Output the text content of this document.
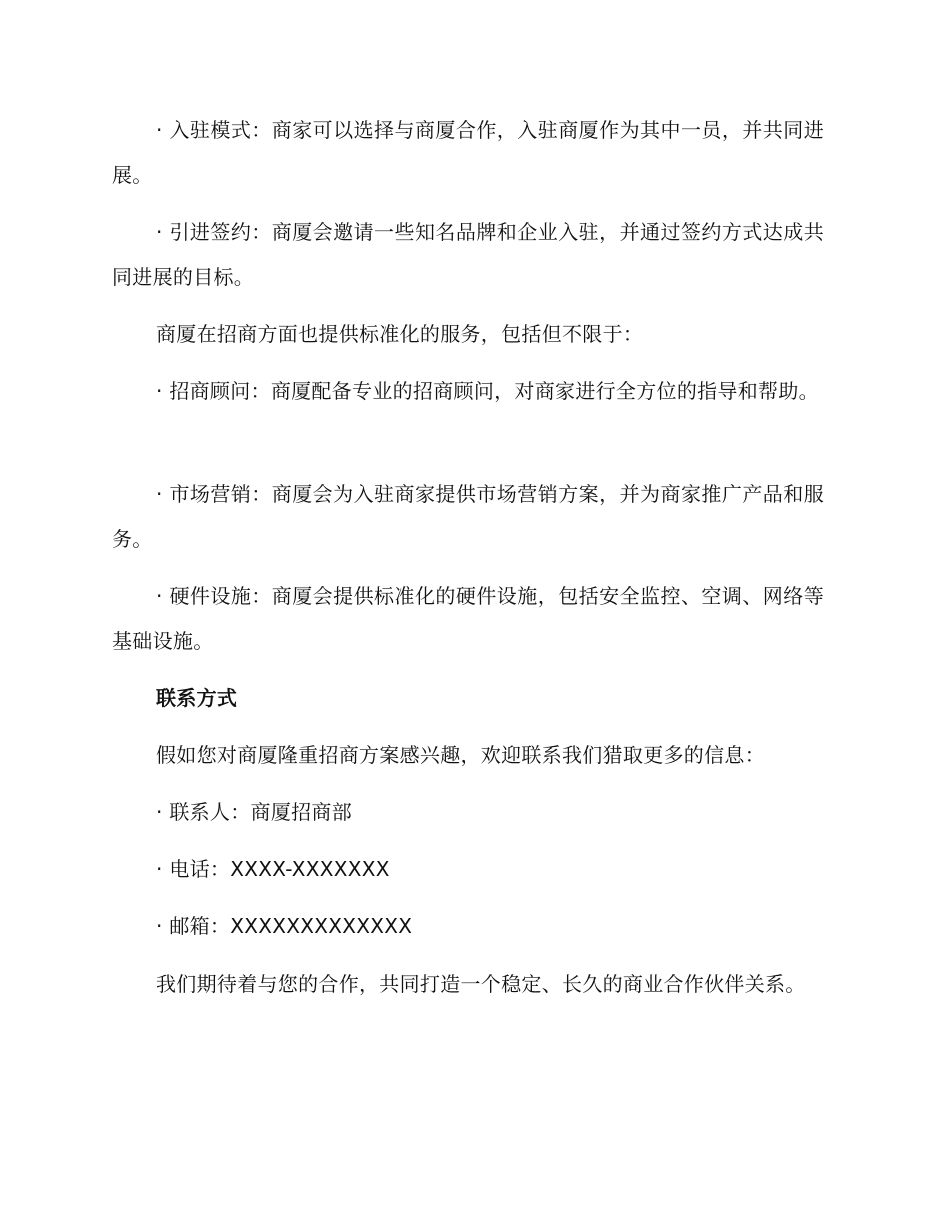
· 入驻模式：商家可以选择与商厦合作，入驻商厦作为其中一员，并共同进展。

· 引进签约：商厦会邀请一些知名品牌和企业入驻，并通过签约方式达成共同进展的目标。

商厦在招商方面也提供标准化的服务，包括但不限于：

· 招商顾问：商厦配备专业的招商顾问，对商家进行全方位的指导和帮助。

· 市场营销：商厦会为入驻商家提供市场营销方案，并为商家推广产品和服务。

· 硬件设施：商厦会提供标准化的硬件设施，包括安全监控、空调、网络等基础设施。

联系方式

假如您对商厦隆重招商方案感兴趣，欢迎联系我们猎取更多的信息：

· 联系人：商厦招商部

· 电话：XXXX-XXXXXXX

· 邮箱：XXXXXXXXXXXXX

我们期待着与您的合作，共同打造一个稳定、长久的商业合作伙伴关系。
